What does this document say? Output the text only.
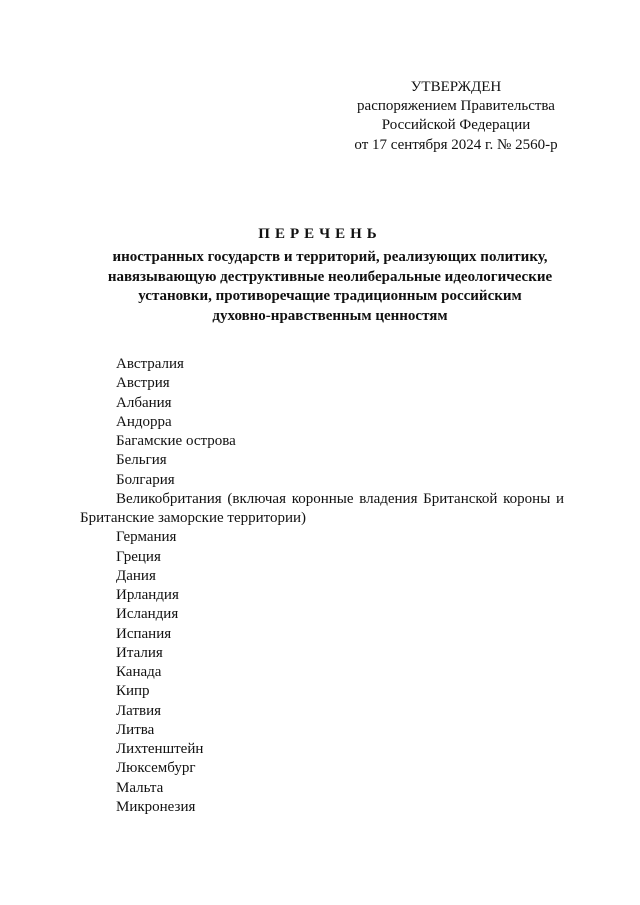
УТВЕРЖДЕН
распоряжением Правительства
Российской Федерации
от 17 сентября 2024 г. № 2560-р
ПЕРЕЧЕНЬ
иностранных государств и территорий, реализующих политику,
навязывающую деструктивные неолиберальные идеологические
установки, противоречащие традиционным российским
духовно-нравственным ценностям
Австралия
Австрия
Албания
Андорра
Багамские острова
Бельгия
Болгария
Великобритания (включая коронные владения Британской короны и Британские заморские территории)
Германия
Греция
Дания
Ирландия
Исландия
Испания
Италия
Канада
Кипр
Латвия
Литва
Лихтенштейн
Люксембург
Мальта
Микронезия
